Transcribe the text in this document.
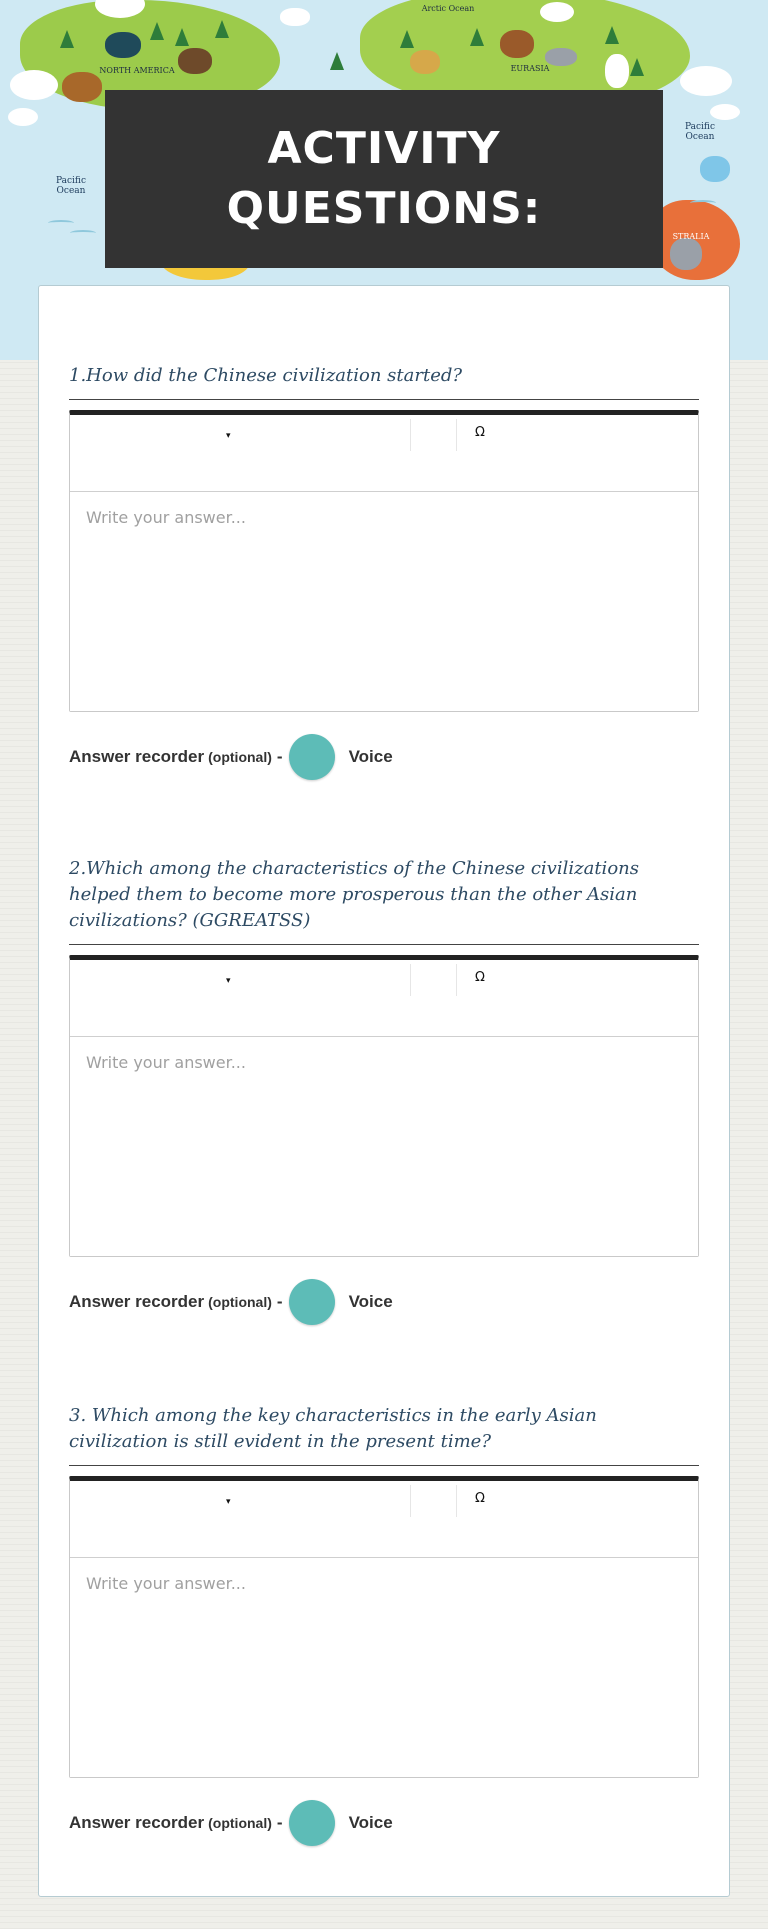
Arctic Ocean
NORTH AMERICA	EURASIA
Pacific Ocean
Pacific Ocean
STRALIA
ACTIVITY QUESTIONS:
1.How did the Chinese civilization started?
▾	Ω
Write your answer...
Answer recorder (optional) -	Voice
2.Which among the characteristics of the Chinese civilizations helped them to become more prosperous than the other Asian civilizations? (GGREATSS)
▾	Ω
Write your answer...
Answer recorder (optional) -	Voice
3. Which among the key characteristics in the early Asian civilization is still evident in the present time?
▾	Ω
Write your answer...
Answer recorder (optional) -	Voice
